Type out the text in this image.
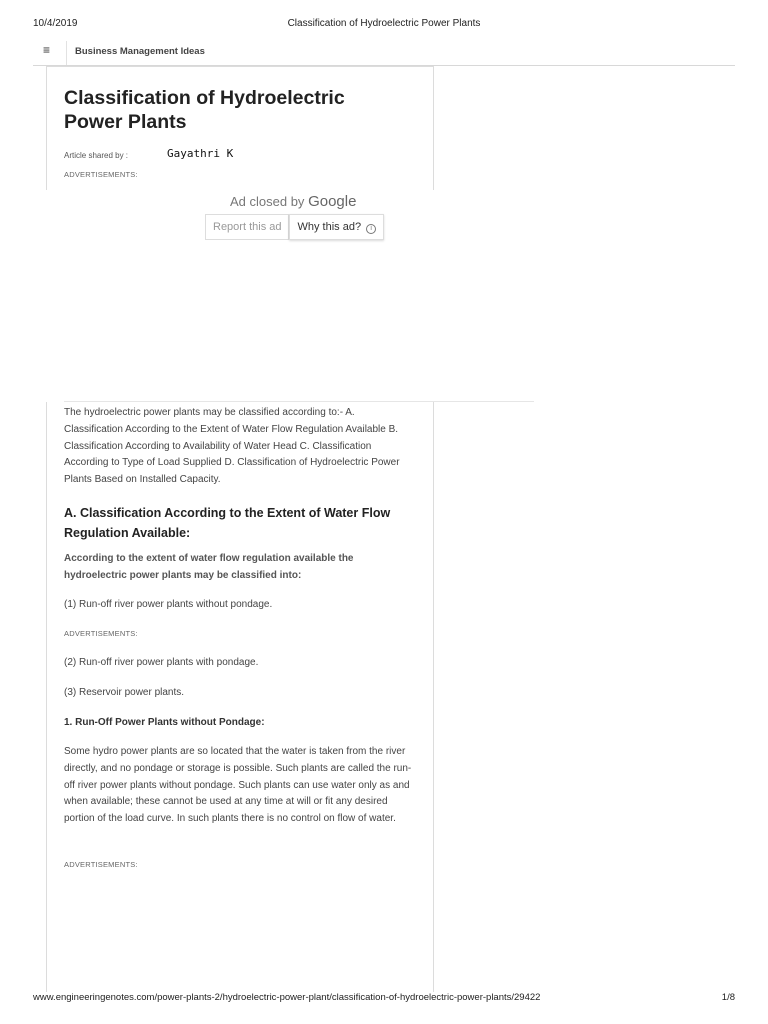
10/4/2019	Classification of Hydroelectric Power Plants
≡	Business Management Ideas
Classification of Hydroelectric Power Plants
Article shared by :	Gayathri K
ADVERTISEMENTS:
Ad closed by Google
Report this ad	Why this ad? i

The hydroelectric power plants may be classified according to:- A. Classification According to the Extent of Water Flow Regulation Available B. Classification According to Availability of Water Head C. Classification According to Type of Load Supplied D. Classification of Hydroelectric Power Plants Based on Installed Capacity.

A. Classification According to the Extent of Water Flow Regulation Available:

According to the extent of water flow regulation available the hydroelectric power plants may be classified into:

(1) Run-off river power plants without pondage.

ADVERTISEMENTS:

(2) Run-off river power plants with pondage.

(3) Reservoir power plants.

1. Run-Off Power Plants without Pondage:

Some hydro power plants are so located that the water is taken from the river directly, and no pondage or storage is possible. Such plants are called the run-off river power plants without pondage. Such plants can use water only as and when available; these cannot be used at any time at will or fit any desired portion of the load curve. In such plants there is no control on flow of water.

ADVERTISEMENTS:
www.engineeringenotes.com/power-plants-2/hydroelectric-power-plant/classification-of-hydroelectric-power-plants/29422	1/8
